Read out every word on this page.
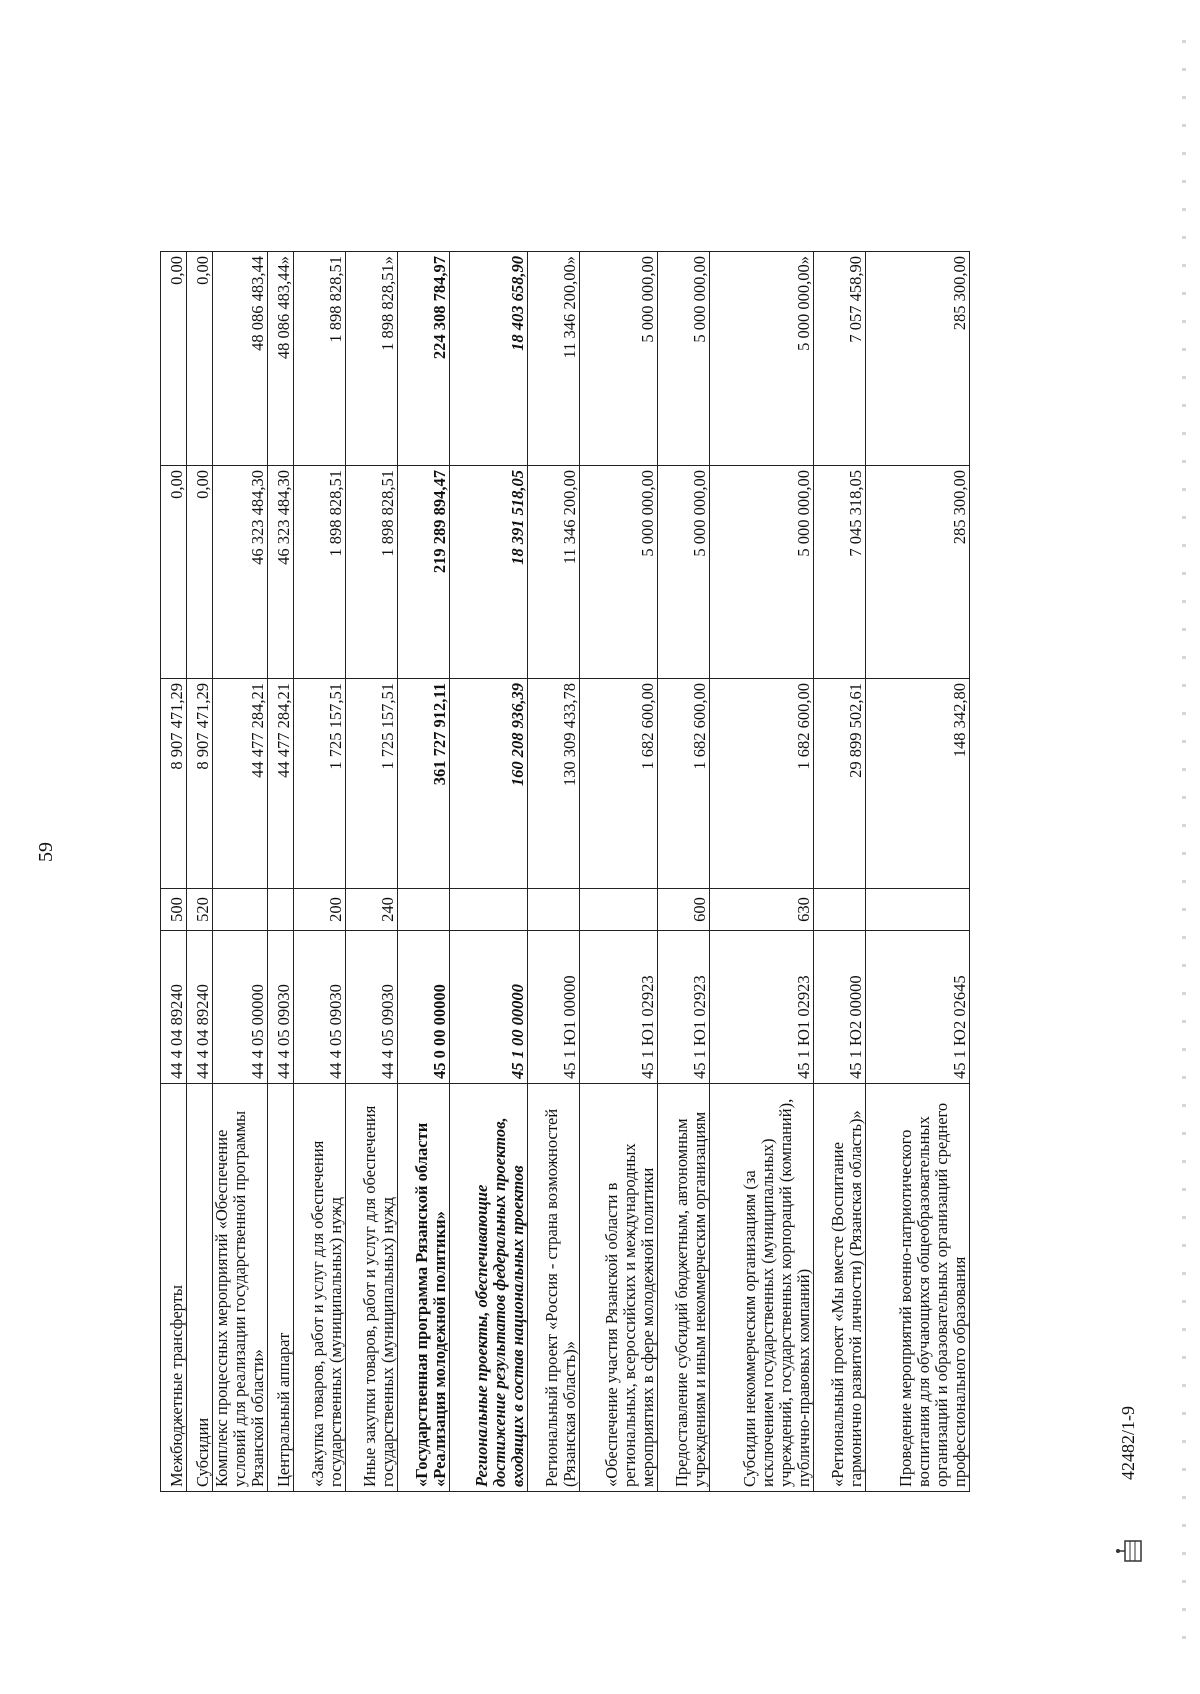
59
Межбюджетные трансферты	44 4 04 89240	500	8 907 471,29	0,00	0,00
Субсидии	44 4 04 89240	520	8 907 471,29	0,00	0,00
Комплекс процессных мероприятий «Обеспечение условий для реализации государственной программы Рязанской области»	44 4 05 00000		44 477 284,21	46 323 484,30	48 086 483,44
Центральный аппарат	44 4 05 09030		44 477 284,21	46 323 484,30	48 086 483,44»
«Закупка товаров, работ и услуг для обеспечения государственных (муниципальных) нужд	44 4 05 09030	200	1 725 157,51	1 898 828,51	1 898 828,51
Иные закупки товаров, работ и услуг для обеспечения государственных (муниципальных) нужд	44 4 05 09030	240	1 725 157,51	1 898 828,51	1 898 828,51»
«Государственная программа Рязанской области «Реализация молодежной политики»	45 0 00 00000		361 727 912,11	219 289 894,47	224 308 784,97
Региональные проекты, обеспечивающие достижение результатов федеральных проектов, входящих в состав национальных проектов	45 1 00 00000		160 208 936,39	18 391 518,05	18 403 658,90
Региональный проект «Россия - страна возможностей (Рязанская область)»	45 1 Ю1 00000		130 309 433,78	11 346 200,00	11 346 200,00»
«Обеспечение участия Рязанской области в региональных, всероссийских и международных мероприятиях в сфере молодежной политики	45 1 Ю1 02923		1 682 600,00	5 000 000,00	5 000 000,00
Предоставление субсидий бюджетным, автономным учреждениям и иным некоммерческим организациям	45 1 Ю1 02923	600	1 682 600,00	5 000 000,00	5 000 000,00
Субсидии некоммерческим организациям (за исключением государственных (муниципальных) учреждений, государственных корпораций (компаний), публично-правовых компаний)	45 1 Ю1 02923	630	1 682 600,00	5 000 000,00	5 000 000,00»
«Региональный проект «Мы вместе (Воспитание гармонично развитой личности) (Рязанская область)»	45 1 Ю2 00000		29 899 502,61	7 045 318,05	7 057 458,90
Проведение мероприятий военно-патриотического воспитания для обучающихся общеобразовательных организаций и образовательных организаций среднего профессионального образования	45 1 Ю2 02645		148 342,80	285 300,00	285 300,00
42482/1-9
